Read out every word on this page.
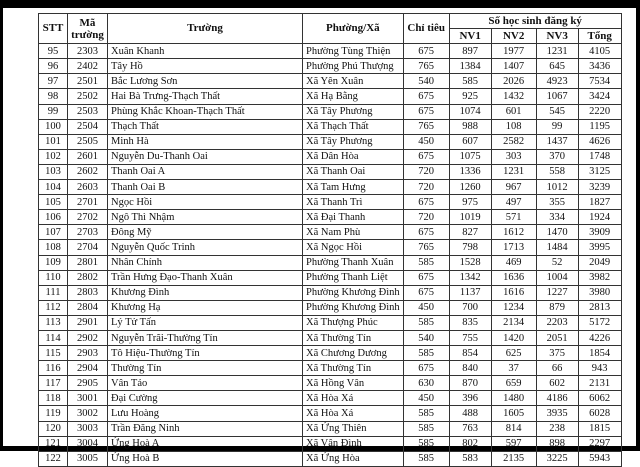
STT	Mã trường	Trường	Phường/Xã	Chỉ tiêu	Số học sinh đăng ký			
					NV1	NV2	NV3	Tổng
95	2303	Xuân Khanh	Phường Tùng Thiện	675	897	1977	1231	4105
96	2402	Tây Hồ	Phường Phú Thượng	765	1384	1407	645	3436
97	2501	Bắc Lương Sơn	Xã Yên Xuân	540	585	2026	4923	7534
98	2502	Hai Bà Trưng-Thạch Thất	Xã Hạ Bằng	675	925	1432	1067	3424
99	2503	Phùng Khắc Khoan-Thạch Thất	Xã Tây Phương	675	1074	601	545	2220
100	2504	Thạch Thất	Xã Thạch Thất	765	988	108	99	1195
101	2505	Minh Hà	Xã Tây Phương	450	607	2582	1437	4626
102	2601	Nguyễn Du-Thanh Oai	Xã Dân Hòa	675	1075	303	370	1748
103	2602	Thanh Oai A	Xã Thanh Oai	720	1336	1231	558	3125
104	2603	Thanh Oai B	Xã Tam Hưng	720	1260	967	1012	3239
105	2701	Ngọc Hồi	Xã Thanh Trì	675	975	497	355	1827
106	2702	Ngô Thì Nhậm	Xã Đại Thanh	720	1019	571	334	1924
107	2703	Đông Mỹ	Xã Nam Phù	675	827	1612	1470	3909
108	2704	Nguyễn Quốc Trinh	Xã Ngọc Hồi	765	798	1713	1484	3995
109	2801	Nhân Chính	Phường Thanh Xuân	585	1528	469	52	2049
110	2802	Trần Hưng Đạo-Thanh Xuân	Phường Thanh Liệt	675	1342	1636	1004	3982
111	2803	Khương Đình	Phường Khương Đình	675	1137	1616	1227	3980
112	2804	Khương Hạ	Phường Khương Đình	450	700	1234	879	2813
113	2901	Lý Tử Tấn	Xã Thượng Phúc	585	835	2134	2203	5172
114	2902	Nguyễn Trãi-Thường Tín	Xã Thường Tín	540	755	1420	2051	4226
115	2903	Tô Hiệu-Thường Tín	Xã Chương Dương	585	854	625	375	1854
116	2904	Thường Tín	Xã Thường Tín	675	840	37	66	943
117	2905	Vân Tảo	Xã Hồng Vân	630	870	659	602	2131
118	3001	Đại Cường	Xã Hòa Xá	450	396	1480	4186	6062
119	3002	Lưu Hoàng	Xã Hòa Xá	585	488	1605	3935	6028
120	3003	Trần Đăng Ninh	Xã Ứng Thiên	585	763	814	238	1815
121	3004	Ứng Hoà A	Xã Vân Đình	585	802	597	898	2297
122	3005	Ứng Hoà B	Xã Ứng Hòa	585	583	2135	3225	5943
